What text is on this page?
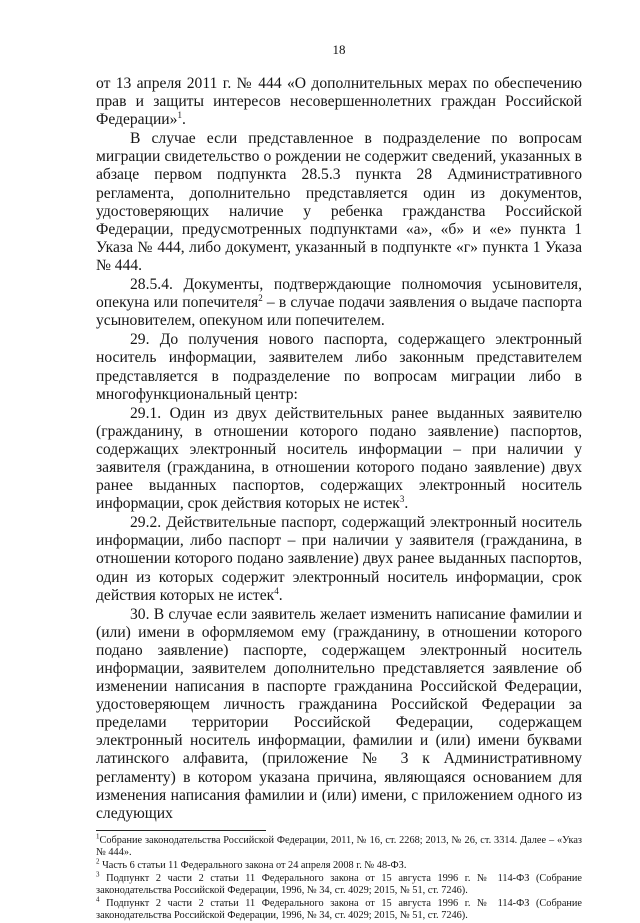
18

от 13 апреля 2011 г. № 444 «О дополнительных мерах по обеспечению прав и защиты интересов несовершеннолетних граждан Российской Федерации»$^1$.

В случае если представленное в подразделение по вопросам миграции свидетельство о рождении не содержит сведений, указанных в абзаце первом подпункта 28.5.3 пункта 28 Административного регламента, дополнительно представляется один из документов, удостоверяющих наличие у ребенка гражданства Российской Федерации, предусмотренных подпунктами «а», «б» и «е» пункта 1 Указа № 444, либо документ, указанный в подпункте «г» пункта 1 Указа № 444.

28.5.4. Документы, подтверждающие полномочия усыновителя, опекуна или попечителя$^2$ – в случае подачи заявления о выдаче паспорта усыновителем, опекуном или попечителем.

29. До получения нового паспорта, содержащего электронный носитель информации, заявителем либо законным представителем представляется в подразделение по вопросам миграции либо в многофункциональный центр:

29.1. Один из двух действительных ранее выданных заявителю (гражданину, в отношении которого подано заявление) паспортов, содержащих электронный носитель информации – при наличии у заявителя (гражданина, в отношении которого подано заявление) двух ранее выданных паспортов, содержащих электронный носитель информации, срок действия которых не истек$^3$.

29.2. Действительные паспорт, содержащий электронный носитель информации, либо паспорт – при наличии у заявителя (гражданина, в отношении которого подано заявление) двух ранее выданных паспортов, один из которых содержит электронный носитель информации, срок действия которых не истек$^4$.

30. В случае если заявитель желает изменить написание фамилии и (или) имени в оформляемом ему (гражданину, в отношении которого подано заявление) паспорте, содержащем электронный носитель информации, заявителем дополнительно представляется заявление об изменении написания в паспорте гражданина Российской Федерации, удостоверяющем личность гражданина Российской Федерации за пределами территории Российской Федерации, содержащем электронный носитель информации, фамилии и (или) имени буквами латинского алфавита, (приложение № 3 к Административному регламенту) в котором указана причина, являющаяся основанием для изменения написания фамилии и (или) имени, с приложением одного из следующих

$^1$Собрание законодательства Российской Федерации, 2011, № 16, ст. 2268; 2013, № 26, ст. 3314. Далее – «Указ № 444».

$^2$ Часть 6 статьи 11 Федерального закона от 24 апреля 2008 г. № 48-ФЗ.

$^3$ Подпункт 2 части 2 статьи 11 Федерального закона от 15 августа 1996 г. № 114-ФЗ (Собрание законодательства Российской Федерации, 1996, № 34, ст. 4029; 2015, № 51, ст. 7246).

$^4$ Подпункт 2 части 2 статьи 11 Федерального закона от 15 августа 1996 г. № 114-ФЗ (Собрание законодательства Российской Федерации, 1996, № 34, ст. 4029; 2015, № 51, ст. 7246).
